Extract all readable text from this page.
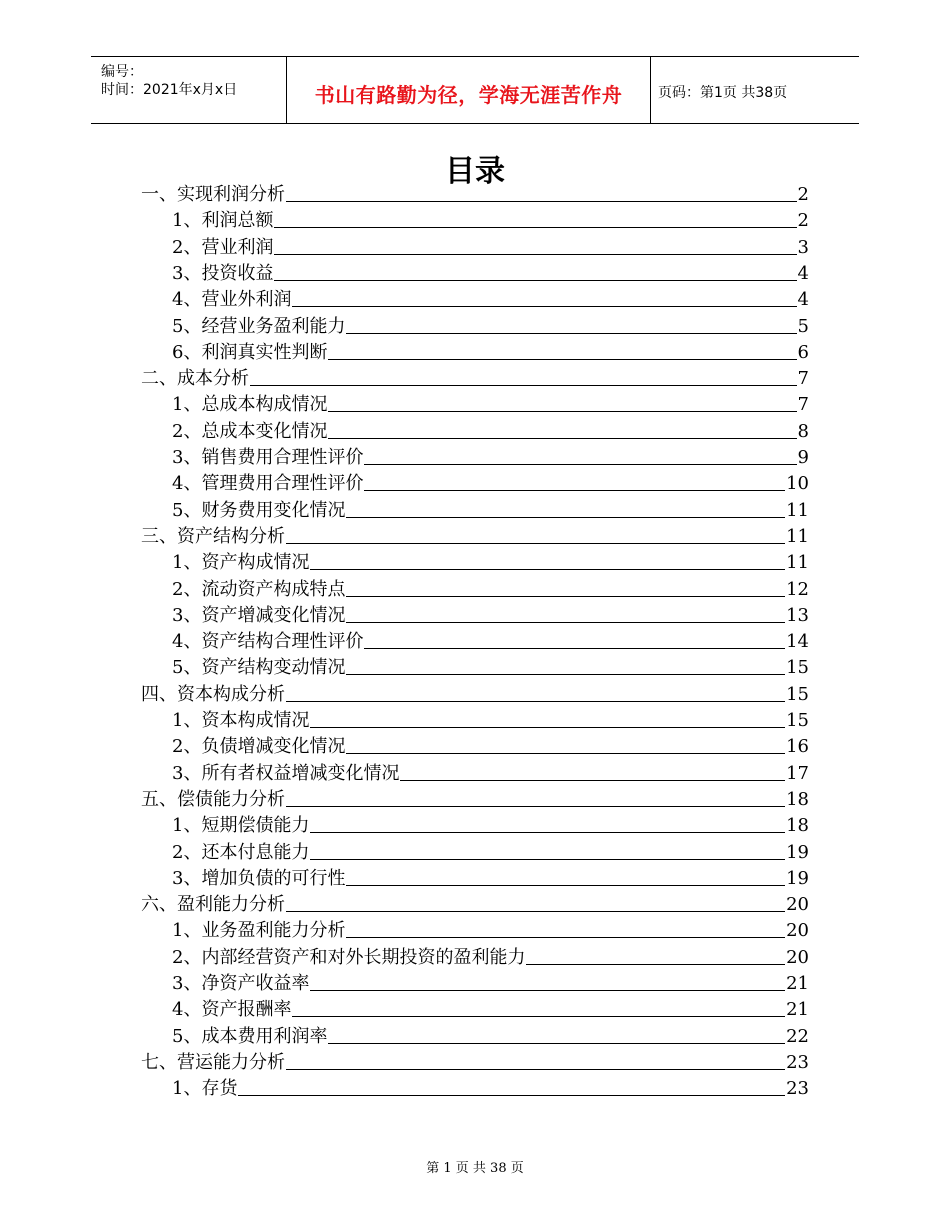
编号：
时间：2021年x月x日	书山有路勤为径，学海无涯苦作舟	页码：第1页 共38页
目录
一、实现利润分析	2
1、利润总额	2
2、营业利润	3
3、投资收益	4
4、营业外利润	4
5、经营业务盈利能力	5
6、利润真实性判断	6
二、成本分析	7
1、总成本构成情况	7
2、总成本变化情况	8
3、销售费用合理性评价	9
4、管理费用合理性评价	10
5、财务费用变化情况	11
三、资产结构分析	11
1、资产构成情况	11
2、流动资产构成特点	12
3、资产增减变化情况	13
4、资产结构合理性评价	14
5、资产结构变动情况	15
四、资本构成分析	15
1、资本构成情况	15
2、负债增减变化情况	16
3、所有者权益增减变化情况	17
五、偿债能力分析	18
1、短期偿债能力	18
2、还本付息能力	19
3、增加负债的可行性	19
六、盈利能力分析	20
1、业务盈利能力分析	20
2、内部经营资产和对外长期投资的盈利能力	20
3、净资产收益率	21
4、资产报酬率	21
5、成本费用利润率	22
七、营运能力分析	23
1、存货	23
第 1 页 共 38 页
